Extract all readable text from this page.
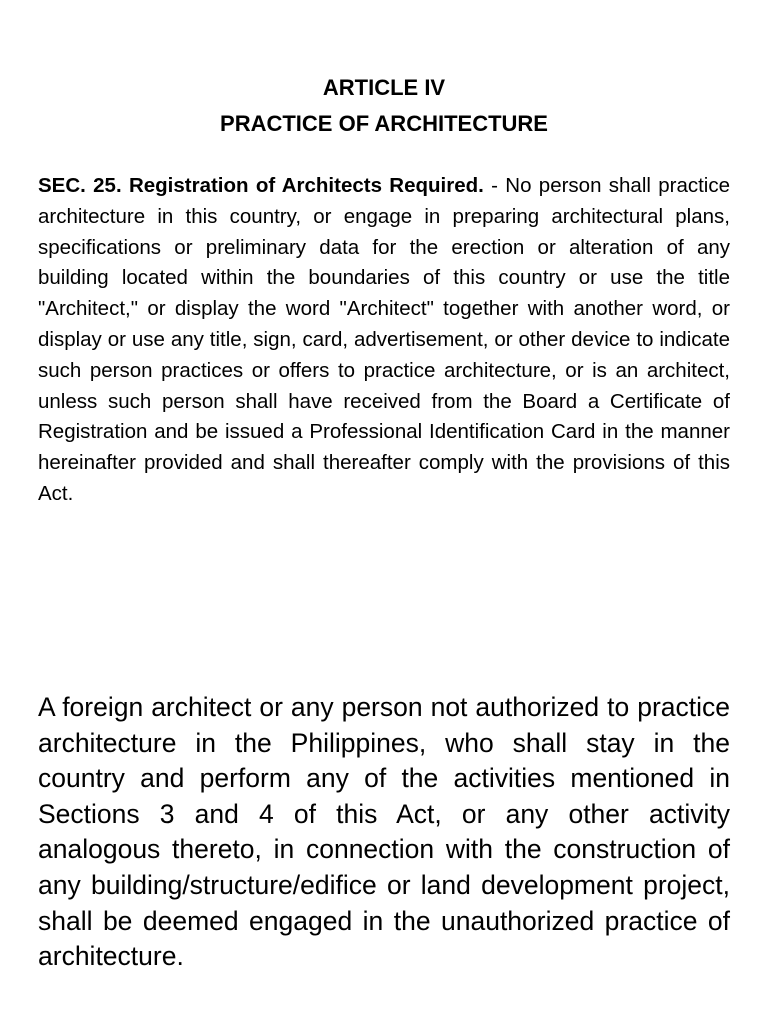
ARTICLE IV
PRACTICE OF ARCHITECTURE

SEC. 25. Registration of Architects Required. - No person shall practice architecture in this country, or engage in preparing architectural plans, specifications or preliminary data for the erection or alteration of any building located within the boundaries of this country or use the title "Architect," or display the word "Architect" together with another word, or display or use any title, sign, card, advertisement, or other device to indicate such person practices or offers to practice architecture, or is an architect, unless such person shall have received from the Board a Certificate of Registration and be issued a Professional Identification Card in the manner hereinafter provided and shall thereafter comply with the provisions of this Act.

A foreign architect or any person not authorized to practice architecture in the Philippines, who shall stay in the country and perform any of the activities mentioned in Sections 3 and 4 of this Act, or any other activity analogous thereto, in connection with the construction of any building/structure/edifice or land development project, shall be deemed engaged in the unauthorized practice of architecture.
